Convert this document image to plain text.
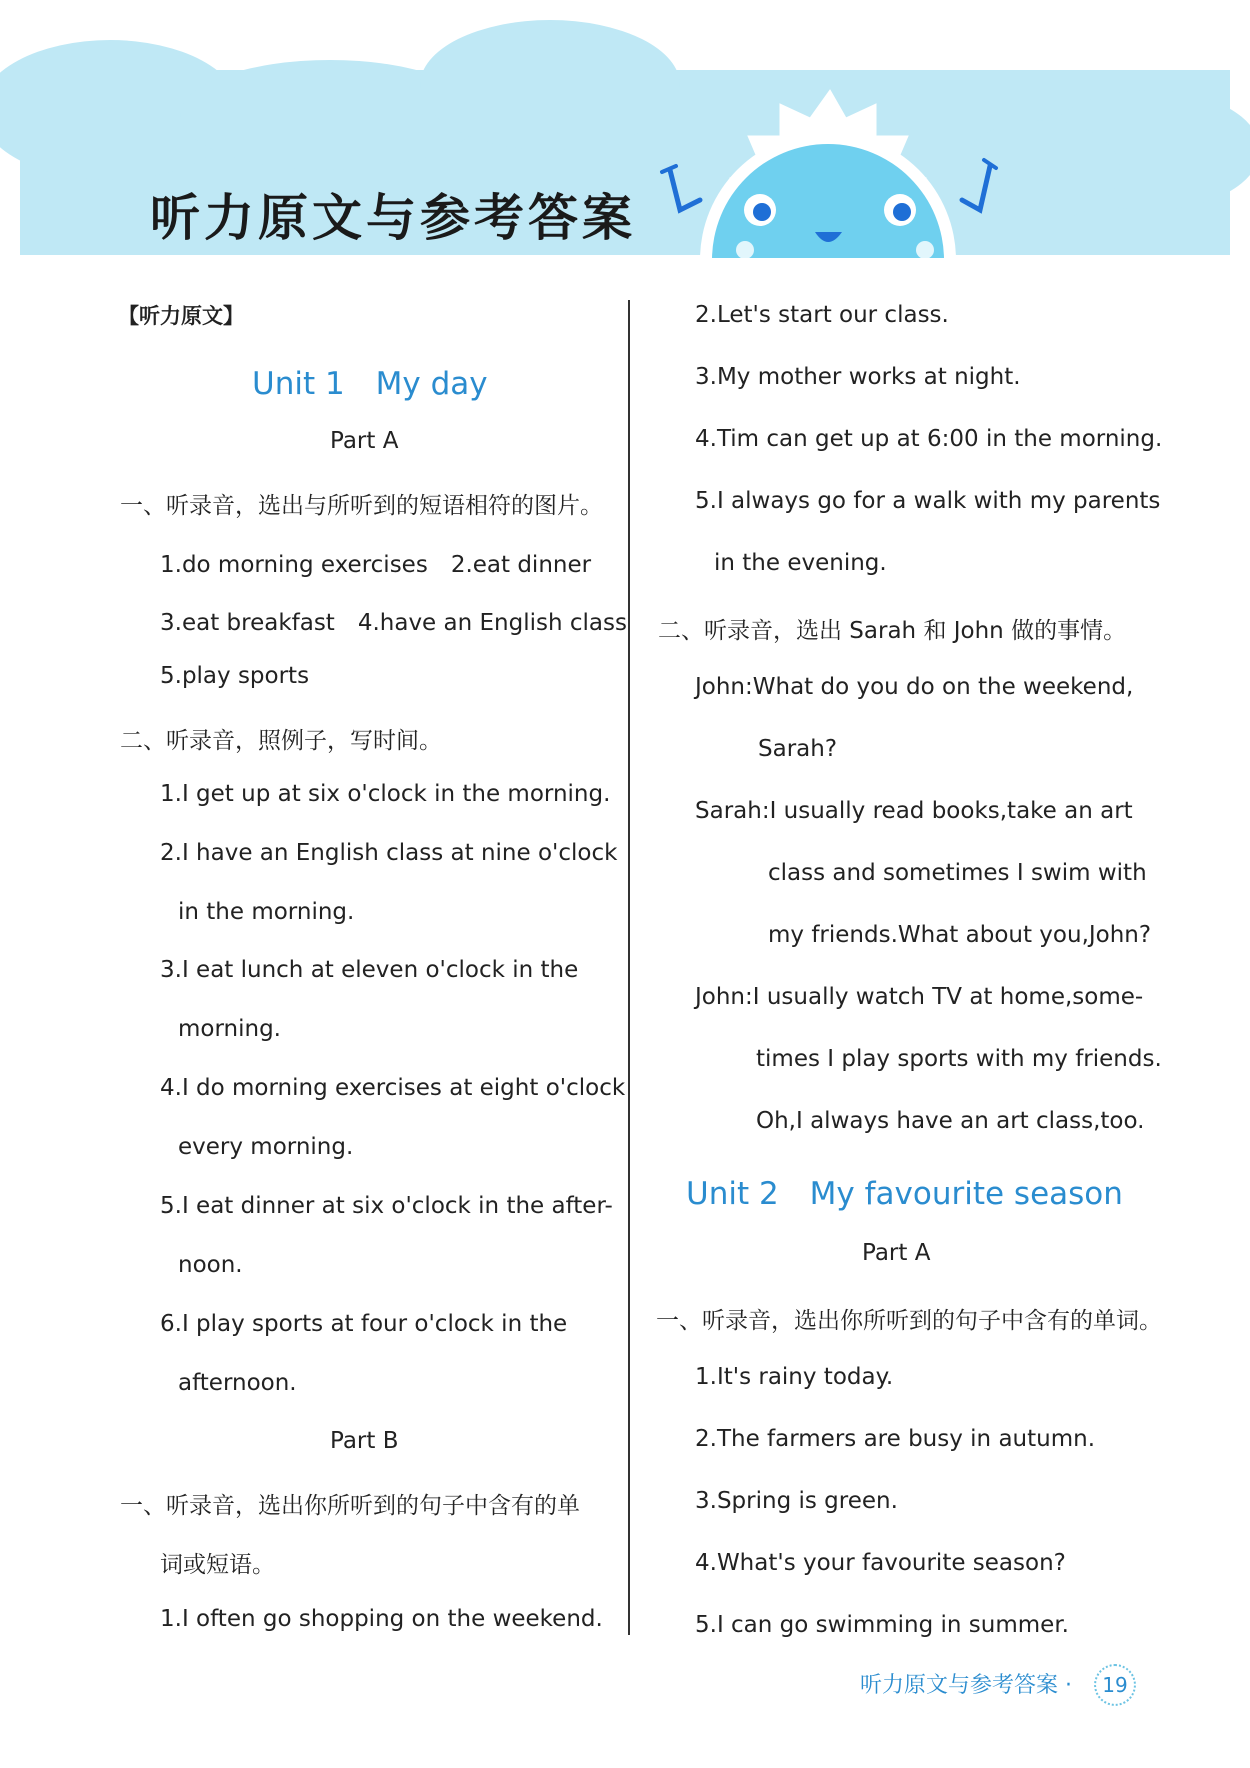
听力原文与参考答案
【听力原文】
Unit 1　My day
Part A
一、听录音，选出与所听到的短语相符的图片。
1.do morning exercises　2.eat dinner
3.eat breakfast　4.have an English class
5.play sports
二、听录音，照例子，写时间。
1.I get up at six o'clock in the morning.
2.I have an English class at nine o'clock
in the morning.
3.I eat lunch at eleven o'clock in the
morning.
4.I do morning exercises at eight o'clock
every morning.
5.I eat dinner at six o'clock in the after-
noon.
6.I play sports at four o'clock in the
afternoon.
Part B
一、听录音，选出你所听到的句子中含有的单
词或短语。
1.I often go shopping on the weekend.
2.Let's start our class.
3.My mother works at night.
4.Tim can get up at 6:00 in the morning.
5.I always go for a walk with my parents
in the evening.
二、听录音，选出 Sarah 和 John 做的事情。
John:What do you do on the weekend,
Sarah?
Sarah:I usually read books,take an art
class and sometimes I swim with
my friends.What about you,John?
John:I usually watch TV at home,some-
times I play sports with my friends.
Oh,I always have an art class,too.
Unit 2　My favourite season
Part A
一、听录音，选出你所听到的句子中含有的单词。
1.It's rainy today.
2.The farmers are busy in autumn.
3.Spring is green.
4.What's your favourite season?
5.I can go swimming in summer.
听力原文与参考答案 ·	19
